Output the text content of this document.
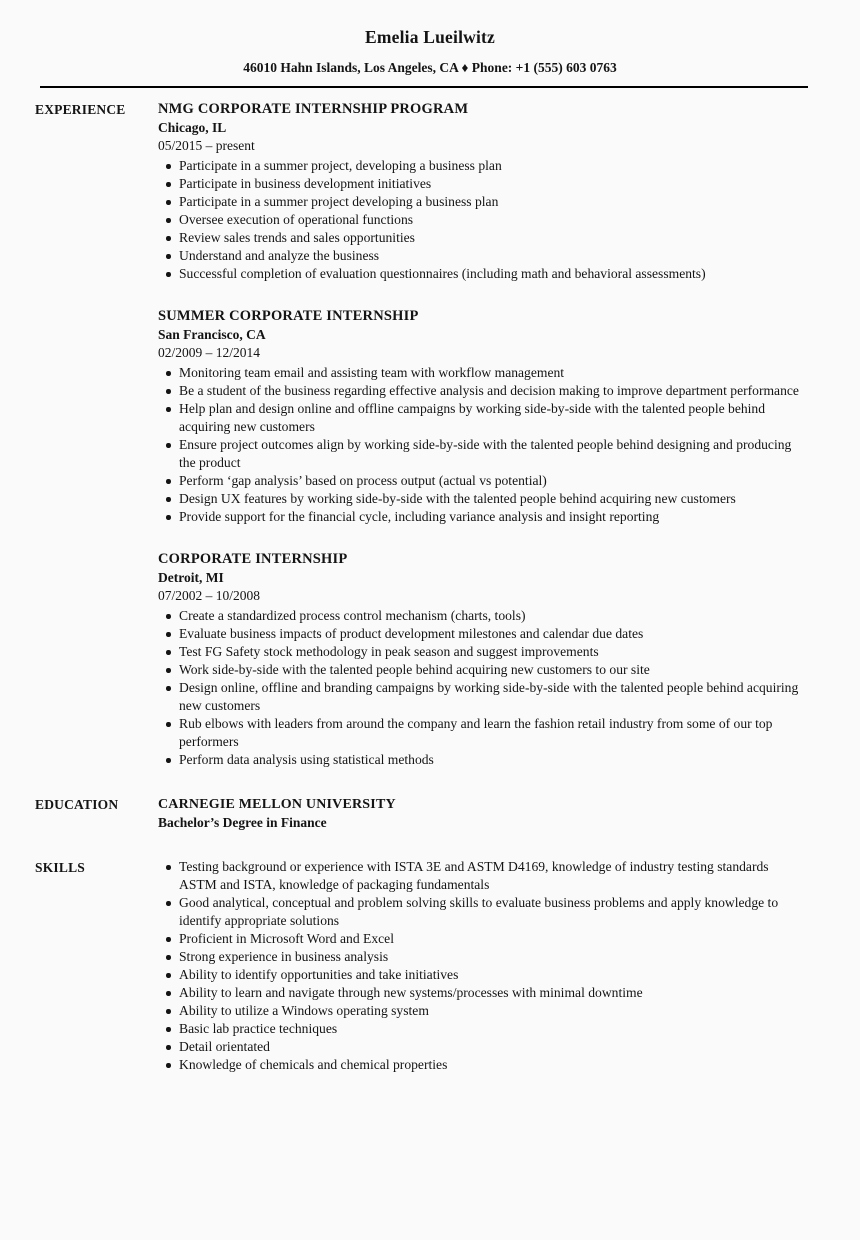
Emelia Lueilwitz
46010 Hahn Islands, Los Angeles, CA ♦ Phone: +1 (555) 603 0763
EXPERIENCE	NMG CORPORATE INTERNSHIP PROGRAM
Chicago, IL
05/2015 – present
Participate in a summer project, developing a business plan
Participate in business development initiatives
Participate in a summer project developing a business plan
Oversee execution of operational functions
Review sales trends and sales opportunities
Understand and analyze the business
Successful completion of evaluation questionnaires (including math and behavioral assessments)
SUMMER CORPORATE INTERNSHIP
San Francisco, CA
02/2009 – 12/2014
Monitoring team email and assisting team with workflow management
Be a student of the business regarding effective analysis and decision making to improve department performance
Help plan and design online and offline campaigns by working side-by-side with the talented people behind acquiring new customers
Ensure project outcomes align by working side-by-side with the talented people behind designing and producing the product
Perform ‘gap analysis’ based on process output (actual vs potential)
Design UX features by working side-by-side with the talented people behind acquiring new customers
Provide support for the financial cycle, including variance analysis and insight reporting
CORPORATE INTERNSHIP
Detroit, MI
07/2002 – 10/2008
Create a standardized process control mechanism (charts, tools)
Evaluate business impacts of product development milestones and calendar due dates
Test FG Safety stock methodology in peak season and suggest improvements
Work side-by-side with the talented people behind acquiring new customers to our site
Design online, offline and branding campaigns by working side-by-side with the talented people behind acquiring new customers
Rub elbows with leaders from around the company and learn the fashion retail industry from some of our top performers
Perform data analysis using statistical methods
EDUCATION	CARNEGIE MELLON UNIVERSITY
Bachelor’s Degree in Finance
SKILLS	Testing background or experience with ISTA 3E and ASTM D4169, knowledge of industry testing standards ASTM and ISTA, knowledge of packaging fundamentals
Good analytical, conceptual and problem solving skills to evaluate business problems and apply knowledge to identify appropriate solutions
Proficient in Microsoft Word and Excel
Strong experience in business analysis
Ability to identify opportunities and take initiatives
Ability to learn and navigate through new systems/processes with minimal downtime
Ability to utilize a Windows operating system
Basic lab practice techniques
Detail orientated
Knowledge of chemicals and chemical properties
